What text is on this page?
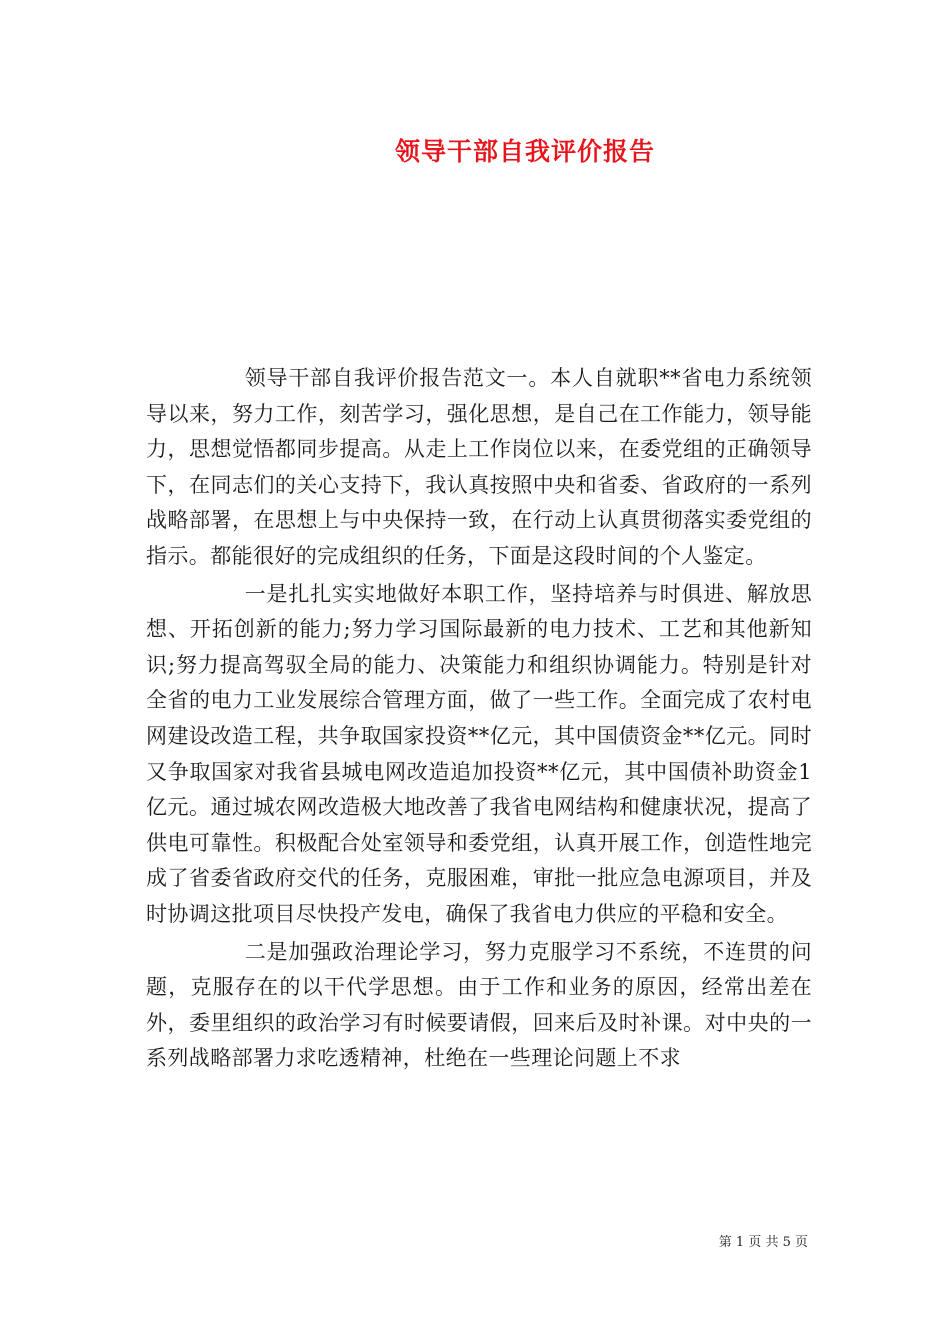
领导干部自我评价报告

领导干部自我评价报告范文一。本人自就职**省电力系统领导以来，努力工作，刻苦学习，强化思想，是自己在工作能力，领导能力，思想觉悟都同步提高。从走上工作岗位以来，在委党组的正确领导下，在同志们的关心支持下，我认真按照中央和省委、省政府的一系列战略部署，在思想上与中央保持一致，在行动上认真贯彻落实委党组的指示。都能很好的完成组织的任务，下面是这段时间的个人鉴定。

一是扎扎实实地做好本职工作，坚持培养与时俱进、解放思想、开拓创新的能力;努力学习国际最新的电力技术、工艺和其他新知识;努力提高驾驭全局的能力、决策能力和组织协调能力。特别是针对全省的电力工业发展综合管理方面，做了一些工作。全面完成了农村电网建设改造工程，共争取国家投资**亿元，其中国债资金**亿元。同时又争取国家对我省县城电网改造追加投资**亿元，其中国债补助资金1亿元。通过城农网改造极大地改善了我省电网结构和健康状况，提高了供电可靠性。积极配合处室领导和委党组，认真开展工作，创造性地完成了省委省政府交代的任务，克服困难，审批一批应急电源项目，并及时协调这批项目尽快投产发电，确保了我省电力供应的平稳和安全。

二是加强政治理论学习，努力克服学习不系统，不连贯的问题，克服存在的以干代学思想。由于工作和业务的原因，经常出差在外，委里组织的政治学习有时候要请假，回来后及时补课。对中央的一系列战略部署力求吃透精神，杜绝在一些理论问题上不求

第 1 页 共 5 页
